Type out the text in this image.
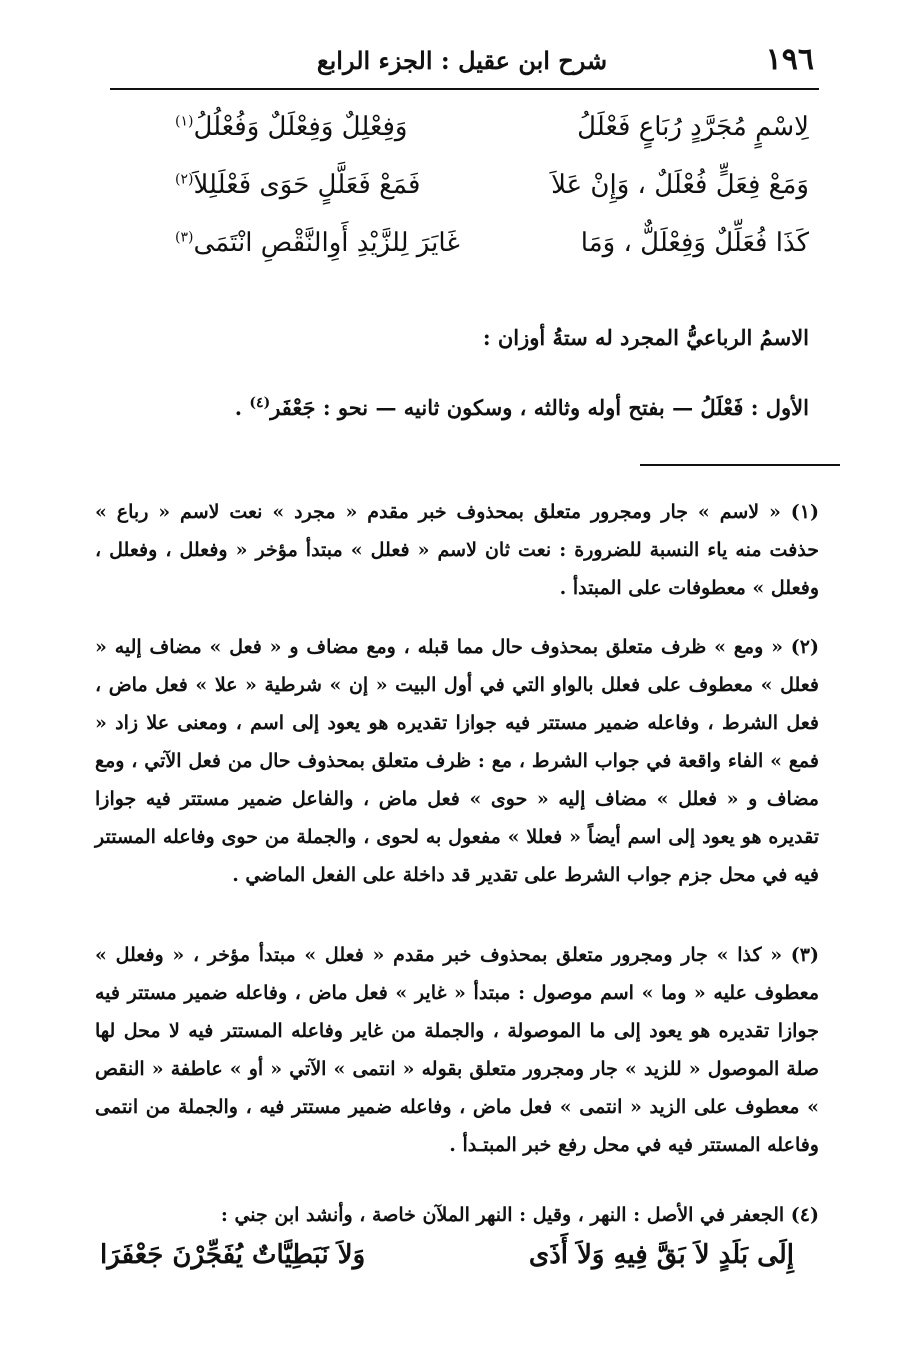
١٩٦
شرح ابن عقيل : الجزء الرابع
لِاسْمٍ مُجَرَّدٍ رُبَاعٍ فَعْلَلُ
وَفِعْلِلٌ وَفِعْلَلٌ وَفُعْلُلُ$^{(١)}$
وَمَعْ فِعَلٍّ فُعْلَلٌ ، وَإِنْ عَلاَ
فَمَعْ فَعَلَّلٍ حَوَى فَعْلَلِلاَ$^{(٢)}$
كَذَا فُعَلِّلٌ وَفِعْلَلٌّ ، وَمَا
غَايَرَ لِلزَّيْدِ أَوِالنَّقْصِ انْتَمَى$^{(٣)}$
الاسمُ الرباعيُّ المجرد له ستةُ أوزان :
الأول : فَعْلَلُ — بفتح أوله وثالثه ، وسكون ثانيه — نحو : جَعْفَر$^{(٤)}$ .

(١) « لاسم » جار ومجرور متعلق بمحذوف خبر مقدم « مجرد » نعت لاسم « رباع » حذفت منه ياء النسبة للضرورة : نعت ثان لاسم « فعلل » مبتدأ مؤخر « وفعلل ، وفعلل ، وفعلل » معطوفات على المبتدأ .

(٢) « ومع » ظرف متعلق بمحذوف حال مما قبله ، ومع مضاف و « فعل » مضاف إليه « فعلل » معطوف على فعلل بالواو التي في أول البيت « إن » شرطية « علا » فعل ماض ، فعل الشرط ، وفاعله ضمير مستتر فيه جوازا تقديره هو يعود إلى اسم ، ومعنى علا زاد « فمع » الفاء واقعة في جواب الشرط ، مع : ظرف متعلق بمحذوف حال من فعل الآتي ، ومع مضاف و « فعلل » مضاف إليه « حوى » فعل ماض ، والفاعل ضمير مستتر فيه جوازا تقديره هو يعود إلى اسم أيضاً « فعللا » مفعول به لحوى ، والجملة من حوى وفاعله المستتر فيه في محل جزم جواب الشرط على تقدير قد داخلة على الفعل الماضي .

(٣) « كذا » جار ومجرور متعلق بمحذوف خبر مقدم « فعلل » مبتدأ مؤخر ، « وفعلل » معطوف عليه « وما » اسم موصول : مبتدأ « غاير » فعل ماض ، وفاعله ضمير مستتر فيه جوازا تقديره هو يعود إلى ما الموصولة ، والجملة من غاير وفاعله المستتر فيه لا محل لها صلة الموصول « للزيد » جار ومجرور متعلق بقوله « انتمى » الآتي « أو » عاطفة « النقص » معطوف على الزيد « انتمى » فعل ماض ، وفاعله ضمير مستتر فيه ، والجملة من انتمى وفاعله المستتر فيه في محل رفع خبر المبتـدأ .

(٤) الجعفر في الأصل : النهر ، وقيل : النهر الملآن خاصة ، وأنشد ابن جني :

إِلَى بَلَدٍ لاَ بَقَّ فِيهِ وَلاَ أَذَى
وَلاَ نَبَطِيَّاتٌ يُفَجِّرْنَ جَعْفَرَا
